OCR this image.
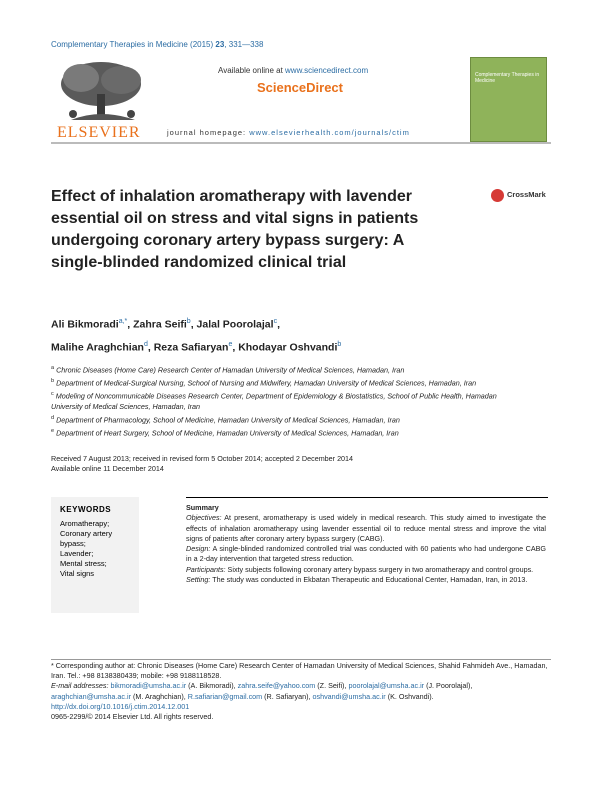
Complementary Therapies in Medicine (2015) 23, 331—338
ELSEVIER
Available online at www.sciencedirect.com
ScienceDirect
journal homepage: www.elsevierhealth.com/journals/ctim
Complementary Therapies in Medicine
Effect of inhalation aromatherapy with lavender essential oil on stress and vital signs in patients undergoing coronary artery bypass surgery: A single-blinded randomized clinical trial
CrossMark
Ali Bikmoradi$^{a,*}$, Zahra Seifi$^b$, Jalal Poorolajal$^c$,
Malihe Araghchian$^d$, Reza Safiaryan$^e$, Khodayar Oshvandi$^b$
$^a$ Chronic Diseases (Home Care) Research Center of Hamadan University of Medical Sciences, Hamadan, Iran
$^b$ Department of Medical-Surgical Nursing, School of Nursing and Midwifery, Hamadan University of Medical Sciences, Hamadan, Iran
$^c$ Modeling of Noncommunicable Diseases Research Center, Department of Epidemiology & Biostatistics, School of Public Health, Hamadan University of Medical Sciences, Hamadan, Iran
$^d$ Department of Pharmacology, School of Medicine, Hamadan University of Medical Sciences, Hamadan, Iran
$^e$ Department of Heart Surgery, School of Medicine, Hamadan University of Medical Sciences, Hamadan, Iran
Received 7 August 2013; received in revised form 5 October 2014; accepted 2 December 2014
Available online 11 December 2014
KEYWORDS
Aromatherapy;
Coronary artery
bypass;
Lavender;
Mental stress;
Vital signs

Summary

Objectives: At present, aromatherapy is used widely in medical research. This study aimed to investigate the effects of inhalation aromatherapy using lavender essential oil to reduce mental stress and improve the vital signs of patients after coronary artery bypass surgery (CABG).

Design: A single-blinded randomized controlled trial was conducted with 60 patients who had undergone CABG in a 2-day intervention that targeted stress reduction.

Participants: Sixty subjects following coronary artery bypass surgery in two aromatherapy and control groups.

Setting: The study was conducted in Ekbatan Therapeutic and Educational Center, Hamadan, Iran, in 2013.

* Corresponding author at: Chronic Diseases (Home Care) Research Center of Hamadan University of Medical Sciences, Shahid Fahmideh Ave., Hamadan, Iran. Tel.: +98 8138380439; mobile: +98 9188118528.

E-mail addresses: bikmoradi@umsha.ac.ir (A. Bikmoradi), zahra.seife@yahoo.com (Z. Seifi), poorolajal@umsha.ac.ir (J. Poorolajal), araghchian@umsha.ac.ir (M. Araghchian), R.safiarian@gmail.com (R. Safiaryan), oshvandi@umsha.ac.ir (K. Oshvandi).

http://dx.doi.org/10.1016/j.ctim.2014.12.001

0965-2299/© 2014 Elsevier Ltd. All rights reserved.
